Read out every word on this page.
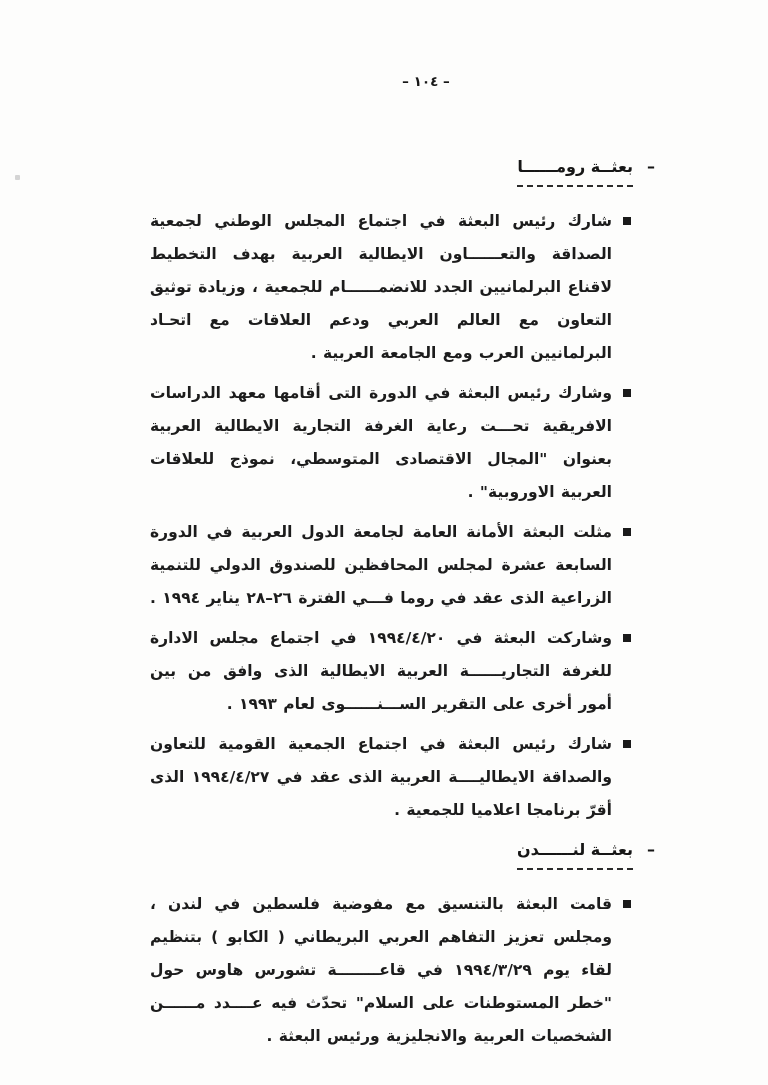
– ١٠٤ –
–
بعثــة رومــــــا

شارك رئيس البعثة في اجتماع المجلس الوطني لجمعية الصداقة والتعــــــاون الايطالية العربية بهدف التخطيط لاقناع البرلمانيين الجدد للانضمــــــام للجمعية ، وزيادة توثيق التعاون مع العالم العربي ودعم العلاقات مع اتحـاد البرلمانيين العرب ومع الجامعة العربية .

وشارك رئيس البعثة في الدورة التى أقامها معهد الدراسات الافريقية تحـــت رعاية الغرفة التجارية الايطالية العربية بعنوان "المجال الاقتصادى المتوسطي، نموذج للعلاقات العربية الاوروبية" .

مثلت البعثة الأمانة العامة لجامعة الدول العربية في الدورة السابعة عشرة لمجلس المحافظين للصندوق الدولي للتنمية الزراعية الذى عقد في روما فـــي الفترة ٢٦–٢٨ يناير ١٩٩٤ .

وشاركت البعثة في ١٩٩٤/٤/٢٠ في اجتماع مجلس الادارة للغرفة التجاريــــــة العربية الايطالية الذى وافق من بين أمور أخرى على التقرير الســـنــــــوى لعام ١٩٩٣ .

شارك رئيس البعثة في اجتماع الجمعية القومية للتعاون والصداقة الايطاليــــة العربية الذى عقد في ١٩٩٤/٤/٢٧ الذى أقرّ برنامجا اعلاميا للجمعية .

–
بعثــة لنــــــدن

قامت البعثة بالتنسيق مع مفوضية فلسطين في لندن ، ومجلس تعزيز التفاهم العربي البريطاني ( الكابو ) بتنظيم لقاء يوم ١٩٩٤/٣/٢٩ في قاعــــــــة تشورس هاوس حول "خطر المستوطنات على السلام" تحدّث فيه عــــدد مــــــن الشخصيات العربية والانجليزية ورئيس البعثة .
